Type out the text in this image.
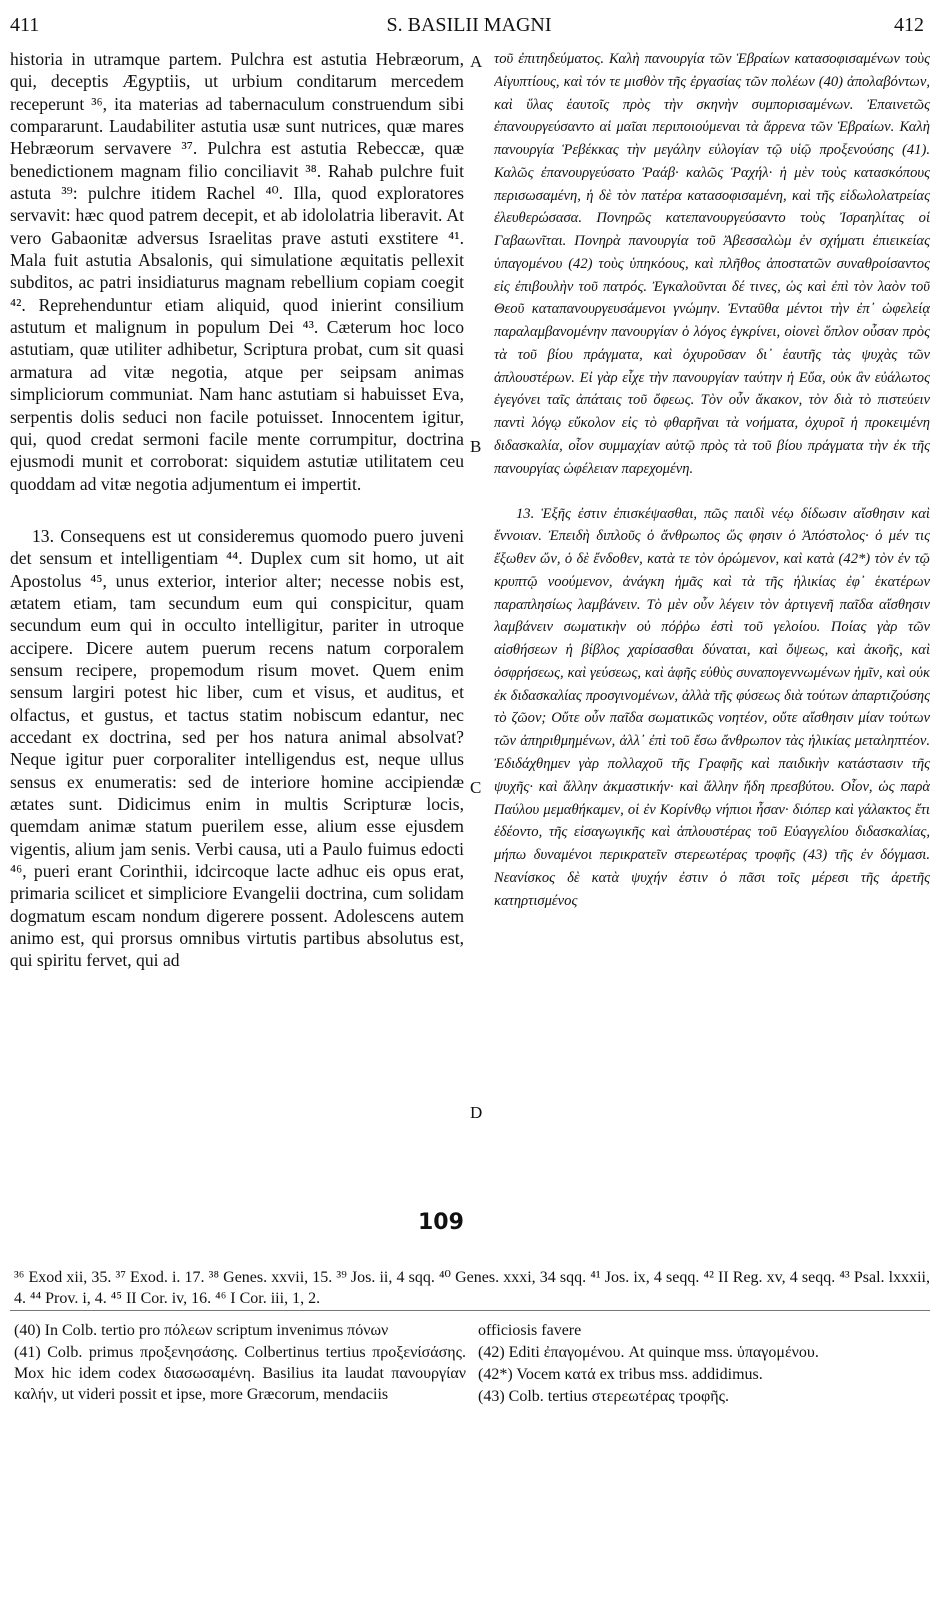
411	S. BASILII MAGNI	412

historia in utramque partem. Pulchra est astutia Hebræorum, qui, deceptis Ægyptiis, ut urbium conditarum mercedem receperunt ³⁶, ita materias ad tabernaculum construendum sibi compararunt. Laudabiliter astutia usæ sunt nutrices, quæ mares Hebræorum servavere ³⁷. Pulchra est astutia Rebeccæ, quæ benedictionem magnam filio conciliavit ³⁸. Rahab pulchre fuit astuta ³⁹: pulchre itidem Rachel ⁴⁰. Illa, quod exploratores servavit: hæc quod patrem decepit, et ab idololatria liberavit. At vero Gabaonitæ adversus Israelitas prave astuti exstitere ⁴¹. Mala fuit astutia Absalonis, qui simulatione æquitatis pellexit subditos, ac patri insidiaturus magnam rebellium copiam coegit ⁴². Reprehenduntur etiam aliquid, quod inierint consilium astutum et malignum in populum Dei ⁴³. Cæterum hoc loco astutiam, quæ utiliter adhibetur, Scriptura probat, cum sit quasi armatura ad vitæ negotia, atque per seipsam animas simpliciorum communiat. Nam hanc astutiam si habuisset Eva, serpentis dolis seduci non facile potuisset. Innocentem igitur, qui, quod credat sermoni facile mente corrumpitur, doctrina ejusmodi munit et corroborat: siquidem astutiæ utilitatem ceu quoddam ad vitæ negotia adjumentum ei impertit.

13. Consequens est ut consideremus quomodo puero juveni det sensum et intelligentiam ⁴⁴. Duplex cum sit homo, ut ait Apostolus ⁴⁵, unus exterior, interior alter; necesse nobis est, ætatem etiam, tam secundum eum qui conspicitur, quam secundum eum qui in occulto intelligitur, pariter in utroque accipere. Dicere autem puerum recens natum corporalem sensum recipere, propemodum risum movet. Quem enim sensum largiri potest hic liber, cum et visus, et auditus, et olfactus, et gustus, et tactus statim nobiscum edantur, nec accedant ex doctrina, sed per hos natura animal absolvat? Neque igitur puer corporaliter intelligendus est, neque ullus sensus ex enumeratis: sed de interiore homine accipiendæ ætates sunt. Didicimus enim in multis Scripturæ locis, quemdam animæ statum puerilem esse, alium esse ejusdem vigentis, alium jam senis. Verbi causa, uti a Paulo fuimus edocti ⁴⁶, pueri erant Corinthii, idcircoque lacte adhuc eis opus erat, primaria scilicet et simpliciore Evangelii doctrina, cum solidam dogmatum escam nondum digerere possent. Adolescens autem animo est, qui prorsus omnibus virtutis partibus absolutus est, qui spiritu fervet, qui ad

109
A
B
C
D

τοῦ ἐπιτηδεύματος. Καλὴ πανουργία τῶν Ἑβραίων κατασοφισαμένων τοὺς Αἰγυπτίους, καὶ τόν τε μισθὸν τῆς ἐργασίας τῶν πολέων (40) ἀπολαβόντων, καὶ ὕλας ἑαυτοῖς πρὸς τὴν σκηνὴν συμπορισαμένων. Ἐπαινετῶς ἐπανουργεύσαντο αἱ μαῖαι περιποιούμεναι τὰ ἄρρενα τῶν Ἑβραίων. Καλὴ πανουργία Ῥεβέκκας τὴν μεγάλην εὐλογίαν τῷ υἱῷ προξενούσης (41). Καλῶς ἐπανουργεύσατο Ῥαάβ· καλῶς Ῥαχήλ· ἡ μὲν τοὺς κατασκόπους περισωσαμένη, ἡ δὲ τὸν πατέρα κατασοφισαμένη, καὶ τῆς εἰδωλολατρείας ἐλευθερώσασα. Πονηρῶς κατεπανουργεύσαντο τοὺς Ἰσραηλίτας οἱ Γαβαωνῖται. Πονηρὰ πανουργία τοῦ Ἀβεσσαλὼμ ἐν σχήματι ἐπιεικείας ὑπαγομένου (42) τοὺς ὑπηκόους, καὶ πλῆθος ἀποστατῶν συναθροίσαντος εἰς ἐπιβουλὴν τοῦ πατρός. Ἐγκαλοῦνται δέ τινες, ὡς καὶ ἐπὶ τὸν λαὸν τοῦ Θεοῦ καταπανουργευσάμενοι γνώμην. Ἐνταῦθα μέντοι τὴν ἐπ᾽ ὠφελείᾳ παραλαμβανομένην πανουργίαν ὁ λόγος ἐγκρίνει, οἱονεὶ ὅπλον οὖσαν πρὸς τὰ τοῦ βίου πράγματα, καὶ ὀχυροῦσαν δι᾽ ἑαυτῆς τὰς ψυχὰς τῶν ἁπλουστέρων. Εἰ γὰρ εἶχε τὴν πανουργίαν ταύτην ἡ Εὔα, οὐκ ἂν εὐάλωτος ἐγεγόνει ταῖς ἀπάταις τοῦ ὄφεως. Τὸν οὖν ἄκακον, τὸν διὰ τὸ πιστεύειν παντὶ λόγῳ εὔκολον εἰς τὸ φθαρῆναι τὰ νοήματα, ὀχυροῖ ἡ προκειμένη διδασκαλία, οἷον συμμαχίαν αὐτῷ πρὸς τὰ τοῦ βίου πράγματα τὴν ἐκ τῆς πανουργίας ὠφέλειαν παρεχομένη.

13. Ἑξῆς ἐστιν ἐπισκέψασθαι, πῶς παιδὶ νέῳ δίδωσιν αἴσθησιν καὶ ἔννοιαν. Ἐπειδὴ διπλοῦς ὁ ἄνθρωπος ὥς φησιν ὁ Ἀπόστολος· ὁ μέν τις ἔξωθεν ὤν, ὁ δὲ ἔνδοθεν, κατὰ τε τὸν ὁρώμενον, καὶ κατὰ (42*) τὸν ἐν τῷ κρυπτῷ νοούμενον, ἀνάγκη ἡμᾶς καὶ τὰ τῆς ἡλικίας ἐφ᾽ ἑκατέρων παραπλησίως λαμβάνειν. Τὸ μὲν οὖν λέγειν τὸν ἀρτιγενῆ παῖδα αἴσθησιν λαμβάνειν σωματικὴν οὐ πόῤῥω ἐστὶ τοῦ γελοίου. Ποίας γὰρ τῶν αἰσθήσεων ἡ βίβλος χαρίσασθαι δύναται, καὶ ὄψεως, καὶ ἀκοῆς, καὶ ὀσφρήσεως, καὶ γεύσεως, καὶ ἁφῆς εὐθὺς συναπογεννωμένων ἡμῖν, καὶ οὐκ ἐκ διδασκαλίας προσγινομένων, ἀλλὰ τῆς φύσεως διὰ τούτων ἀπαρτιζούσης τὸ ζῶον; Οὔτε οὖν παῖδα σωματικῶς νοητέον, οὔτε αἴσθησιν μίαν τούτων τῶν ἀπηριθμημένων, ἀλλ᾽ ἐπὶ τοῦ ἔσω ἄνθρωπον τὰς ἡλικίας μεταληπτέον. Ἐδιδάχθημεν γὰρ πολλαχοῦ τῆς Γραφῆς καὶ παιδικὴν κατάστασιν τῆς ψυχῆς· καὶ ἄλλην ἀκμαστικήν· καὶ ἄλλην ἤδη πρεσβύτου. Οἷον, ὡς παρὰ Παύλου μεμαθήκαμεν, οἱ ἐν Κορίνθῳ νήπιοι ἦσαν· διόπερ καὶ γάλακτος ἔτι ἐδέοντο, τῆς εἰσαγωγικῆς καὶ ἁπλουστέρας τοῦ Εὐαγγελίου διδασκαλίας, μήπω δυναμένοι περικρατεῖν στερεωτέρας τροφῆς (43) τῆς ἐν δόγμασι. Νεανίσκος δὲ κατὰ ψυχήν ἐστιν ὁ πᾶσι τοῖς μέρεσι τῆς ἀρετῆς κατηρτισμένος

³⁶ Exod xii, 35. ³⁷ Exod. i. 17. ³⁸ Genes. xxvii, 15. ³⁹ Jos. ii, 4 sqq. ⁴⁰ Genes. xxxi, 34 sqq. ⁴¹ Jos. ix, 4 seqq. ⁴² II Reg. xv, 4 seqq. ⁴³ Psal. lxxxii, 4. ⁴⁴ Prov. i, 4. ⁴⁵ II Cor. iv, 16. ⁴⁶ I Cor. iii, 1, 2.

(40) In Colb. tertio pro πόλεων scriptum invenimus πόνων

(41) Colb. primus προξενησάσης. Colbertinus tertius προξενίσάσης. Mox hic idem codex διασωσαμένη. Basilius ita laudat πανουργίαν καλήν, ut videri possit et ipse, more Græcorum, mendaciis

officiosis favere

(42) Editi ἐπαγομένου. At quinque mss. ὑπαγομένου.

(42*) Vocem κατά ex tribus mss. addidimus.

(43) Colb. tertius στερεωτέρας τροφῆς.
